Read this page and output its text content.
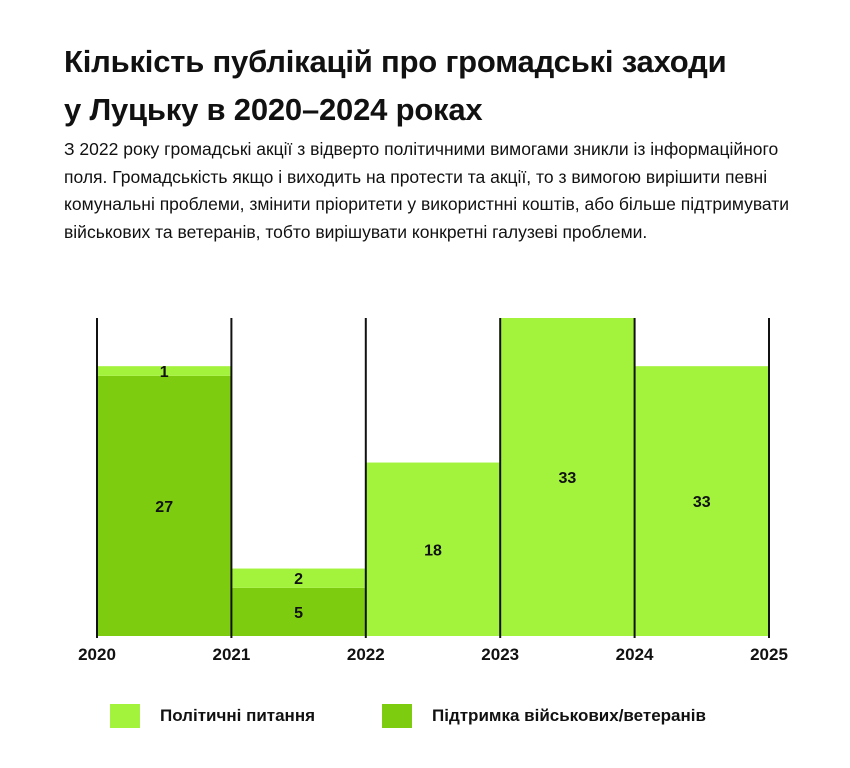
Кількість публікацій про громадські заходи
у Луцьку в 2020–2024 роках

З 2022 року громадські акції з відверто політичними вимогами зникли із інформаційного поля. Громадськість якщо і виходить на протести та акції, то з вимогою вирішити певні комунальні проблеми, змінити пріоритети у використнні коштів, або більше підтримувати військових та ветеранів, тобто вирішувати конкретні галузеві проблеми.

27
1
5
2
18
33
33
2020	2021	2022	2023	2024	2025
Політичні питання	Підтримка військових/ветеранів
